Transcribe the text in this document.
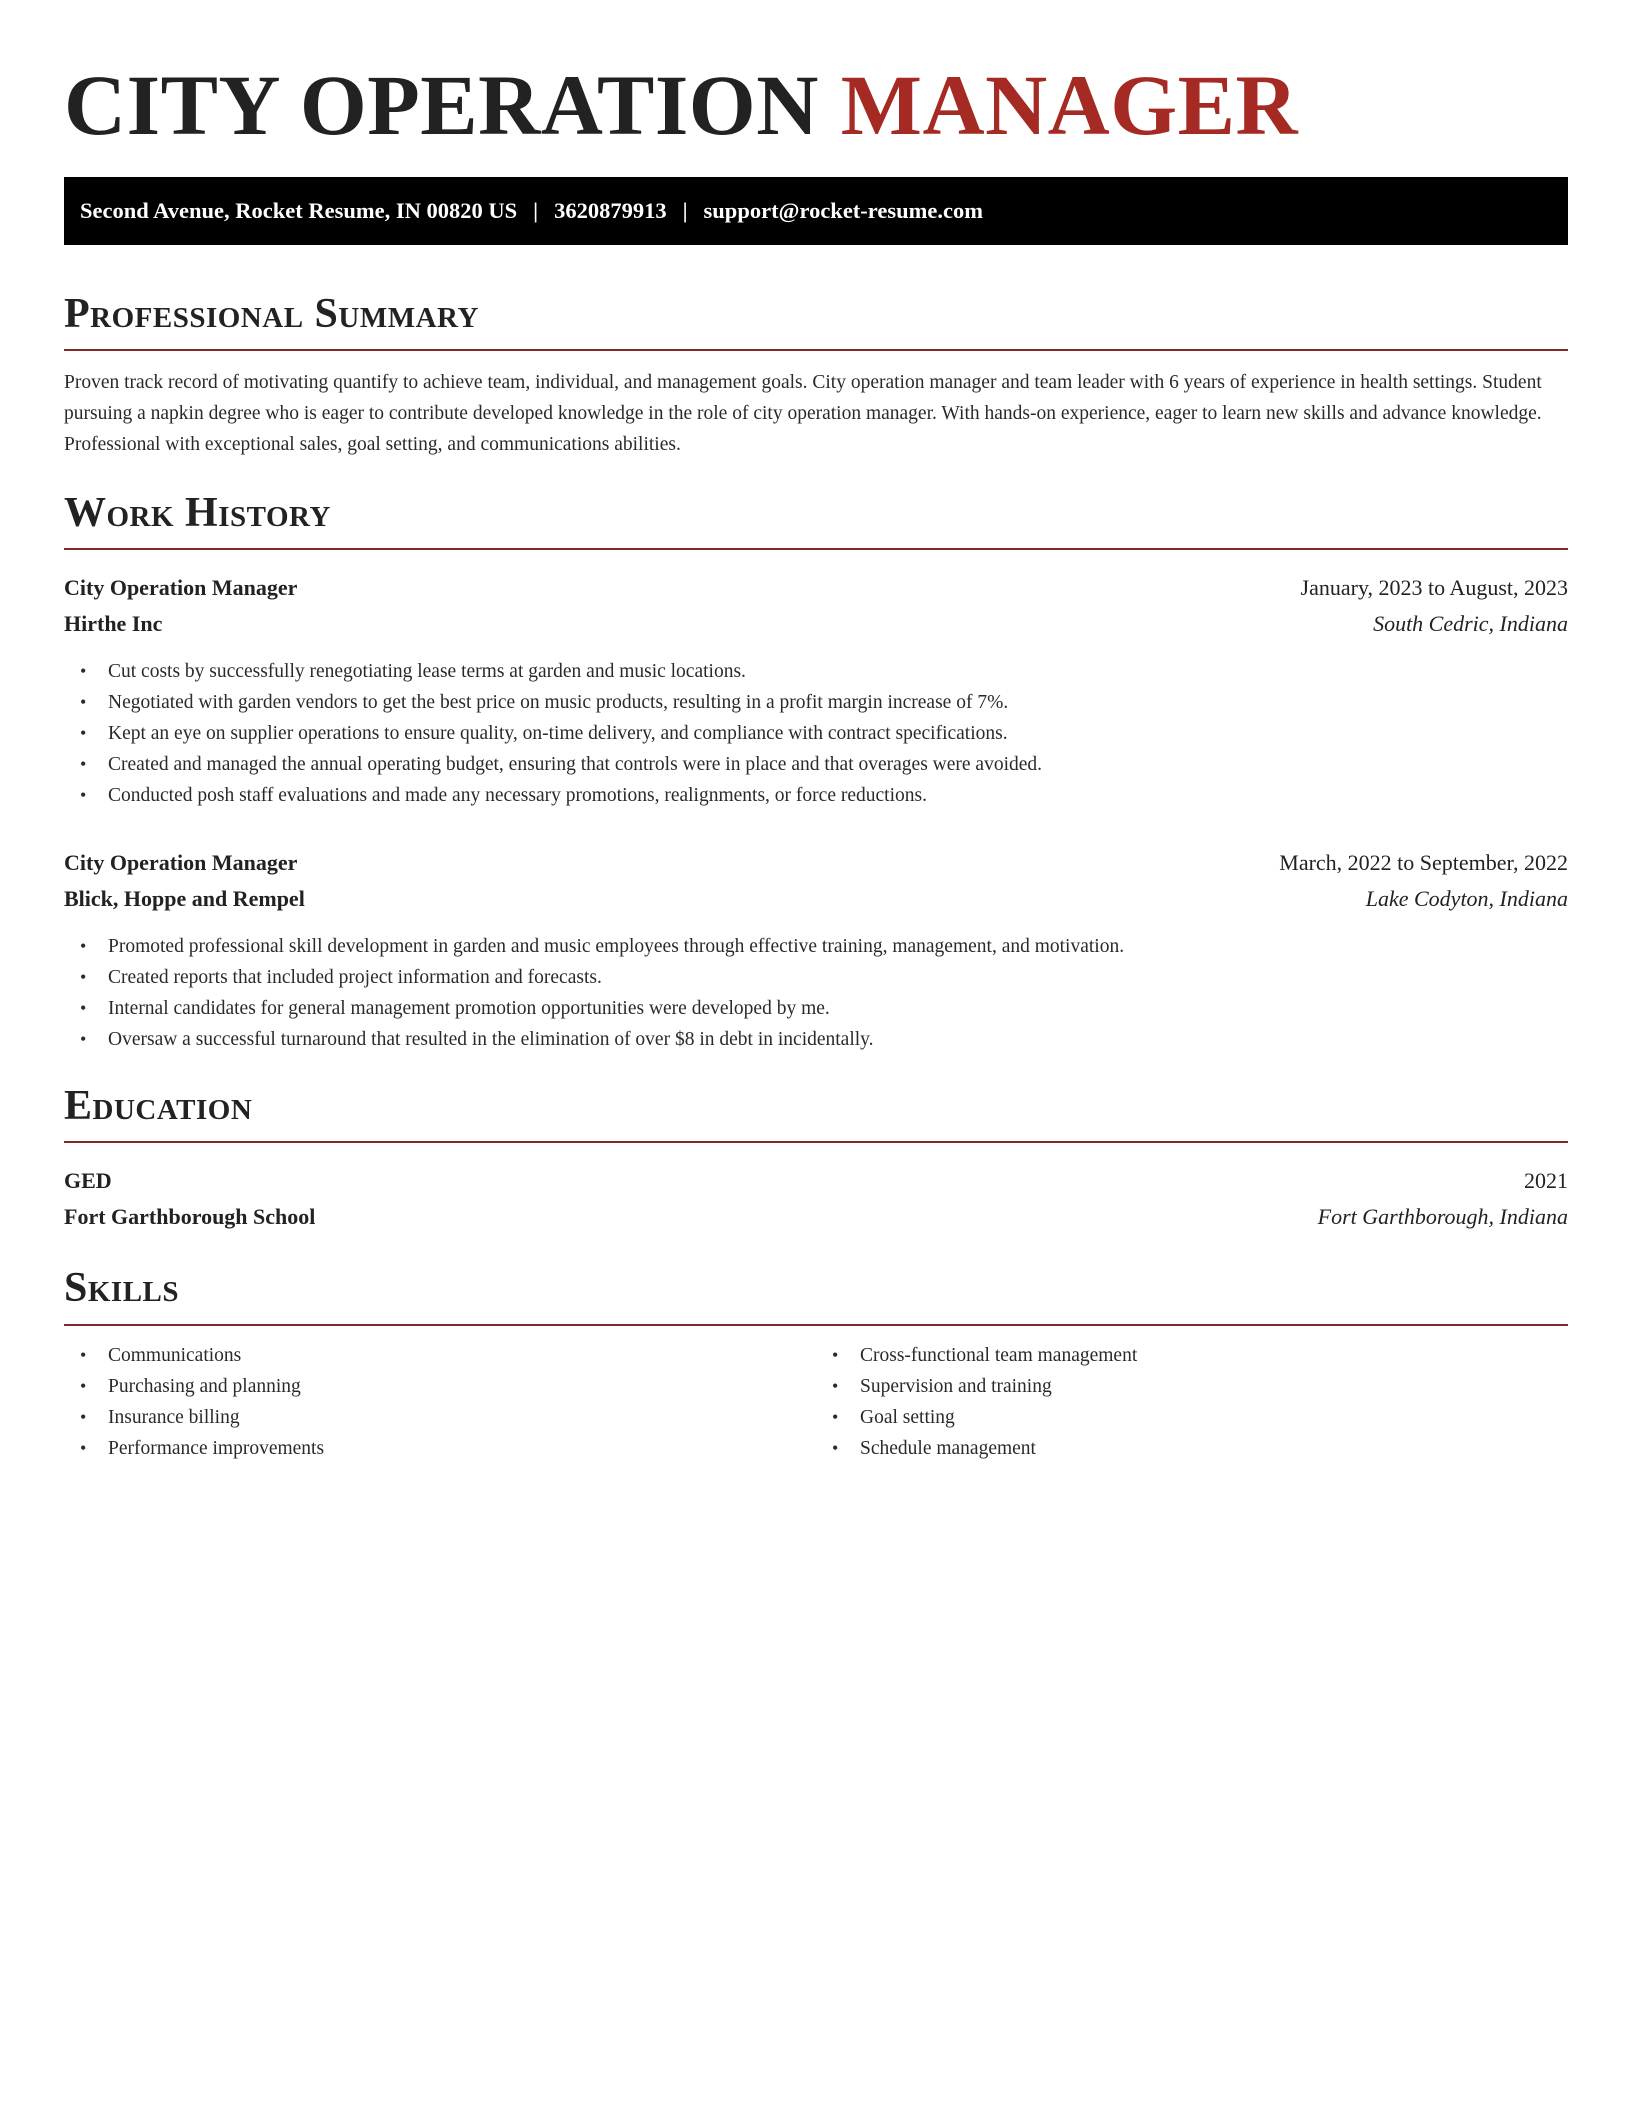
CITY OPERATION MANAGER
Second Avenue, Rocket Resume, IN 00820 US | 3620879913 | support@rocket-resume.com
Professional Summary

Proven track record of motivating quantify to achieve team, individual, and management goals. City operation manager and team leader with 6 years of experience in health settings. Student pursuing a napkin degree who is eager to contribute developed knowledge in the role of city operation manager. With hands-on experience, eager to learn new skills and advance knowledge. Professional with exceptional sales, goal setting, and communications abilities.

Work History
City Operation Manager	January, 2023 to August, 2023
Hirthe Inc	South Cedric, Indiana
• Cut costs by successfully renegotiating lease terms at garden and music locations.
• Negotiated with garden vendors to get the best price on music products, resulting in a profit margin increase of 7%.
• Kept an eye on supplier operations to ensure quality, on-time delivery, and compliance with contract specifications.
• Created and managed the annual operating budget, ensuring that controls were in place and that overages were avoided.
• Conducted posh staff evaluations and made any necessary promotions, realignments, or force reductions.
City Operation Manager	March, 2022 to September, 2022
Blick, Hoppe and Rempel	Lake Codyton, Indiana
• Promoted professional skill development in garden and music employees through effective training, management, and motivation.
• Created reports that included project information and forecasts.
• Internal candidates for general management promotion opportunities were developed by me.
• Oversaw a successful turnaround that resulted in the elimination of over $8 in debt in incidentally.
Education
GED	2021
Fort Garthborough School	Fort Garthborough, Indiana
Skills
• Communications
• Purchasing and planning
• Insurance billing
• Performance improvements
• Cross-functional team management
• Supervision and training
• Goal setting
• Schedule management
